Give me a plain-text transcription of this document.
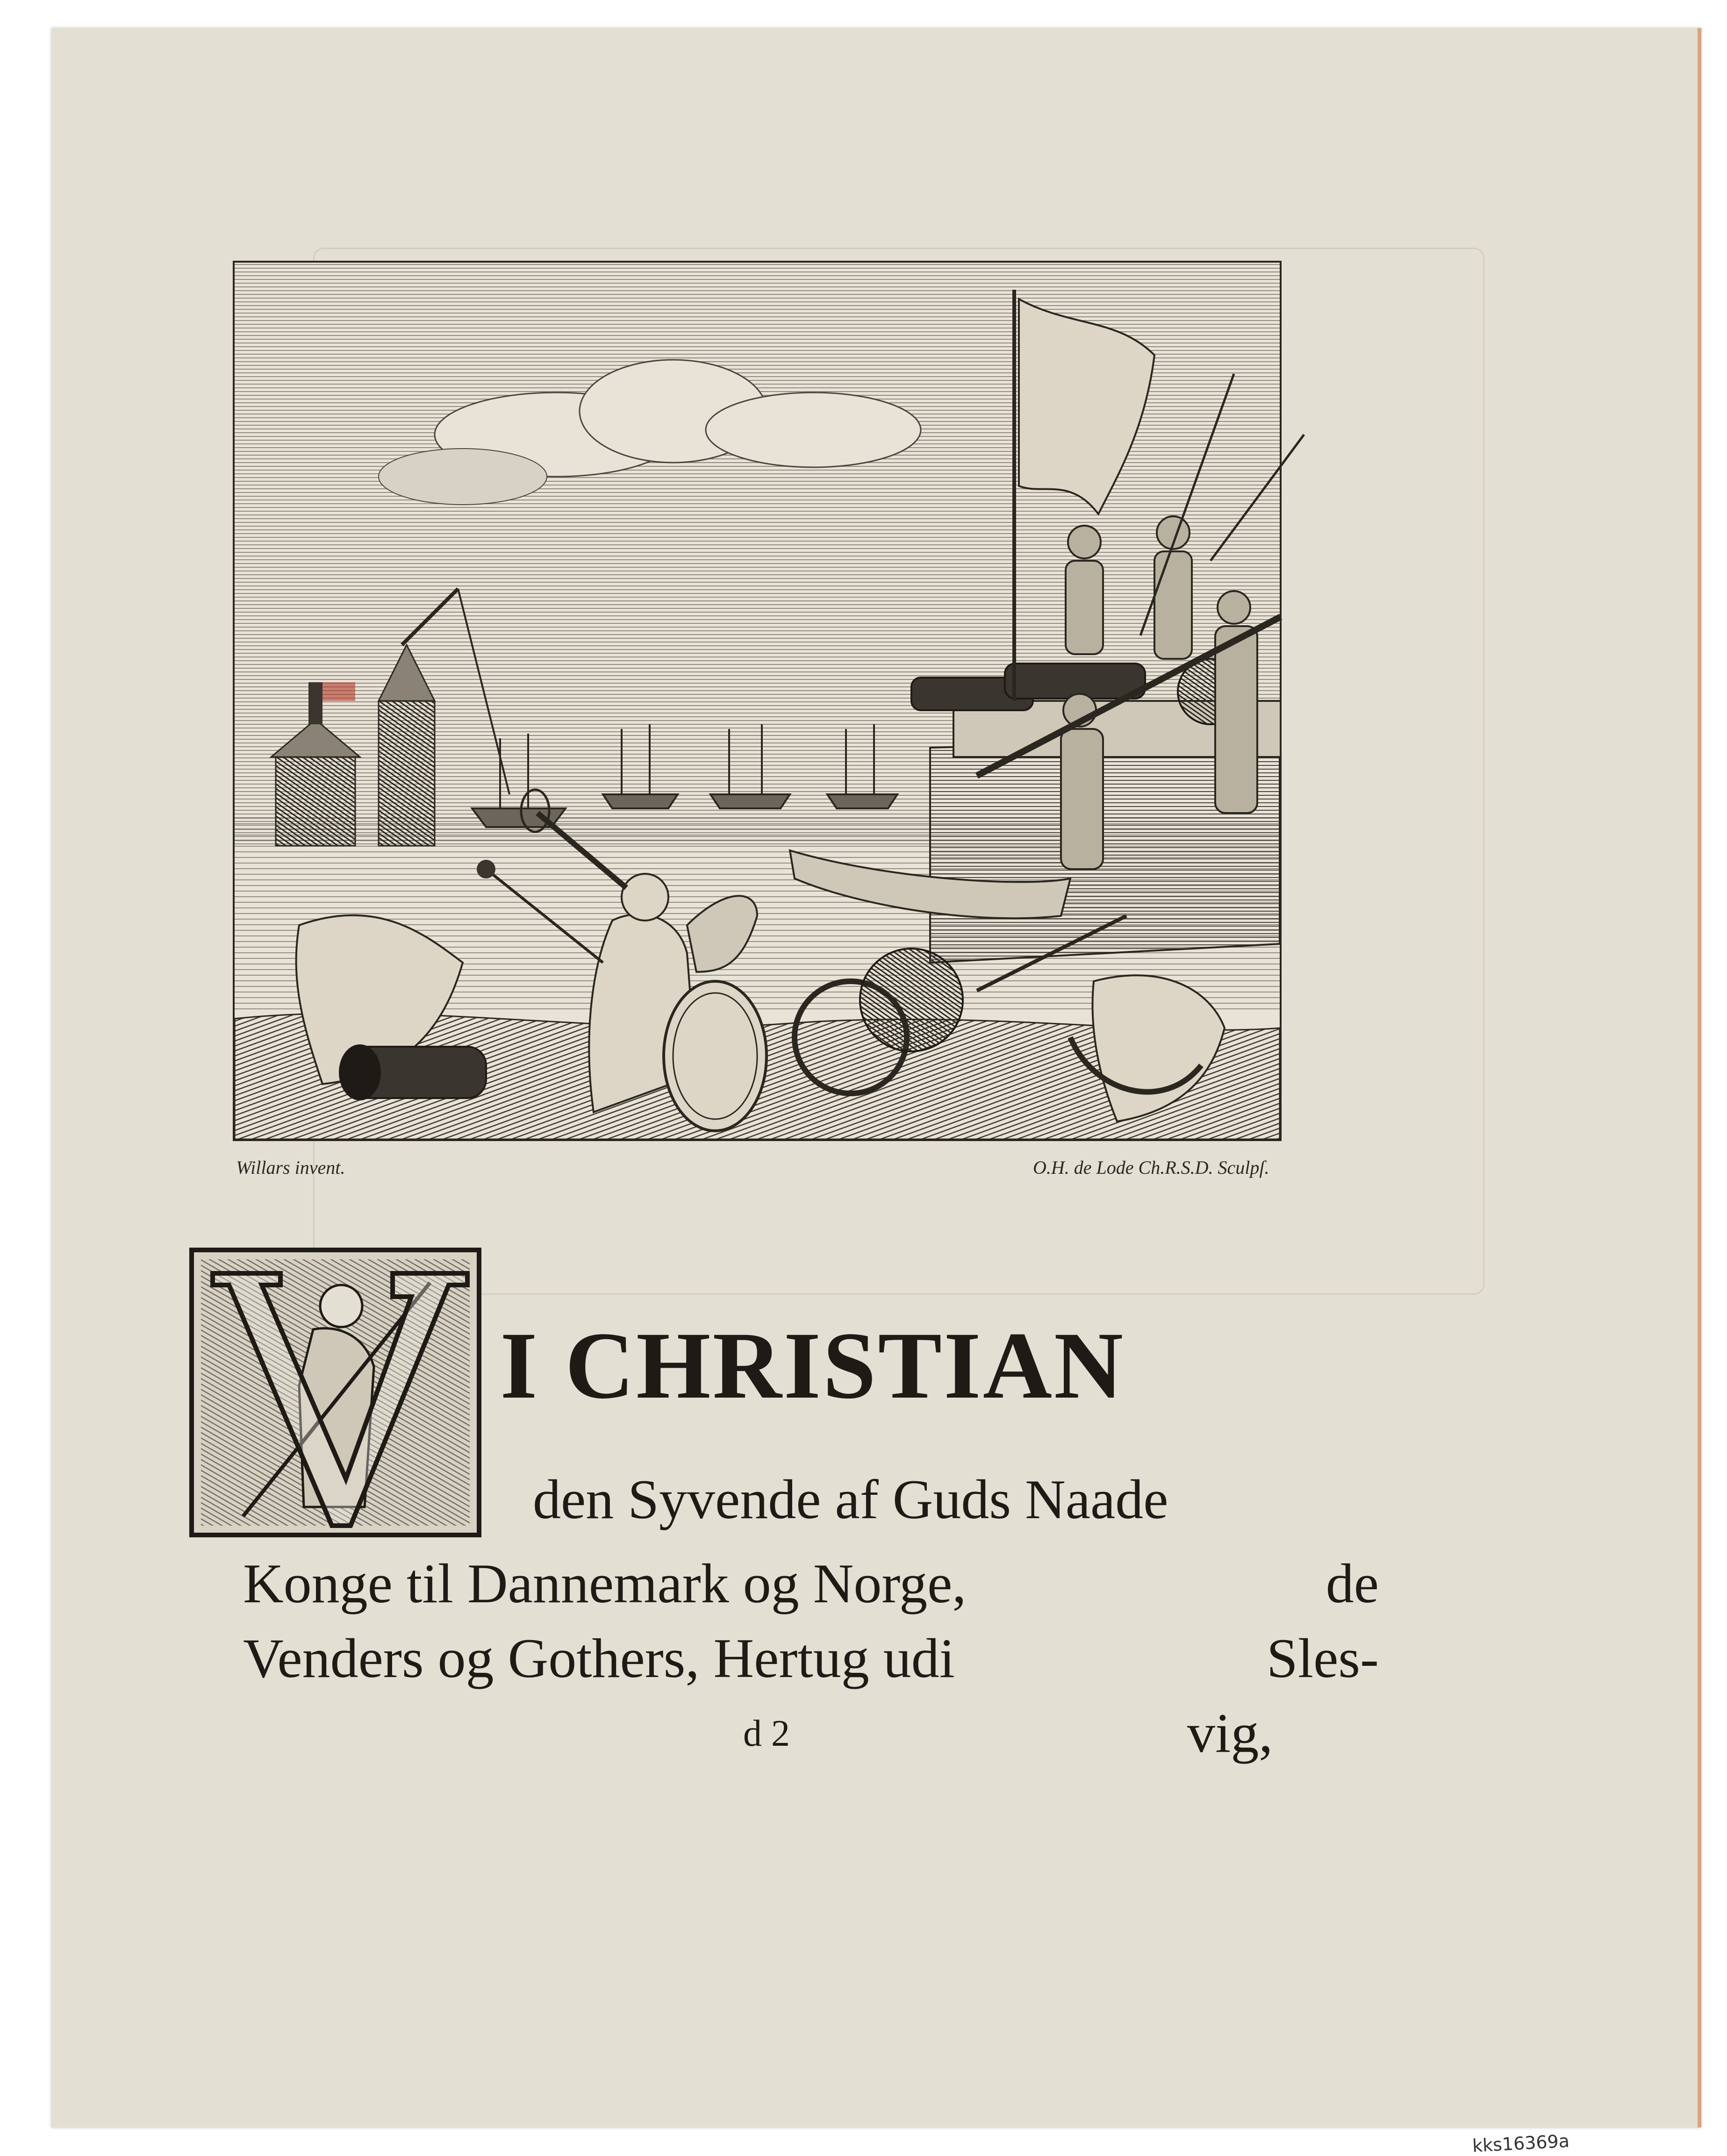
Willars invent.	O.H. de Lode Ch.R.S.D. Sculpſ.
I CHRISTIAN
den Syvende af Guds Naade
Konge til Dannemark og Norge,	de
Venders og Gothers, Hertug udi	Sles-
d 2	vig,
kks16369a
